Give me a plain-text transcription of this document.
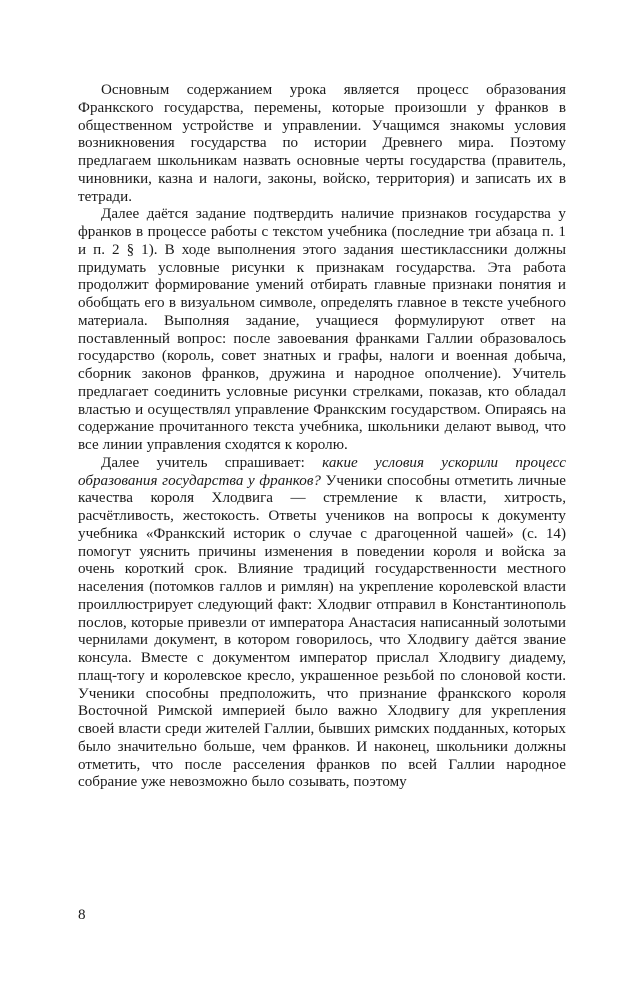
Основным содержанием урока является процесс образования Франкского государства, перемены, которые произошли у франков в общественном устройстве и управлении. Учащимся знакомы условия возникновения государства по истории Древнего мира. Поэтому предлагаем школьникам назвать основные черты государства (правитель, чиновники, казна и налоги, законы, войско, территория) и записать их в тетради.

Далее даётся задание подтвердить наличие признаков государства у франков в процессе работы с текстом учебника (последние три абзаца п. 1 и п. 2 § 1). В ходе выполнения этого задания шестиклассники должны придумать условные рисунки к признакам государства. Эта работа продолжит формирование умений отбирать главные признаки понятия и обобщать его в визуальном символе, определять главное в тексте учебного материала. Выполняя задание, учащиеся формулируют ответ на поставленный вопрос: после завоевания франками Галлии образовалось государство (король, совет знатных и графы, налоги и военная добыча, сборник законов франков, дружина и народное ополчение). Учитель предлагает соединить условные рисунки стрелками, показав, кто обладал властью и осуществлял управление Франкским государством. Опираясь на содержание прочитанного текста учебника, школьники делают вывод, что все линии управления сходятся к королю.

Далее учитель спрашивает: какие условия ускорили процесс образования государства у франков? Ученики способны отметить личные качества короля Хлодвига — стремление к власти, хитрость, расчётливость, жестокость. Ответы учеников на вопросы к документу учебника «Франкский историк о случае с драгоценной чашей» (с. 14) помогут уяснить причины изменения в поведении короля и войска за очень короткий срок. Влияние традиций государственности местного населения (потомков галлов и римлян) на укрепление королевской власти проиллюстрирует следующий факт: Хлодвиг отправил в Константинополь послов, которые привезли от императора Анастасия написанный золотыми чернилами документ, в котором говорилось, что Хлодвигу даётся звание консула. Вместе с документом император прислал Хлодвигу диадему, плащ-тогу и королевское кресло, украшенное резьбой по слоновой кости. Ученики способны предположить, что признание франкского короля Восточной Римской империей было важно Хлодвигу для укрепления своей власти среди жителей Галлии, бывших римских подданных, которых было значительно больше, чем франков. И наконец, школьники должны отметить, что после расселения франков по всей Галлии народное собрание уже невозможно было созывать, поэтому

8
